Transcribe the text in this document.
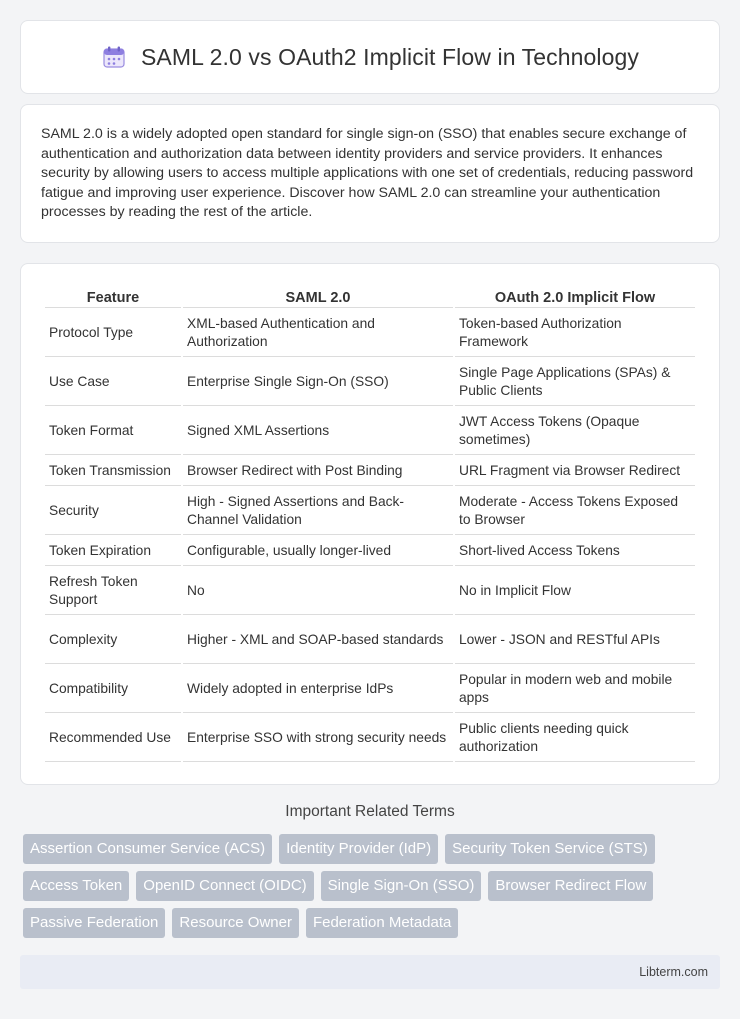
SAML 2.0 vs OAuth2 Implicit Flow in Technology

SAML 2.0 is a widely adopted open standard for single sign-on (SSO) that enables secure exchange of authentication and authorization data between identity providers and service providers. It enhances security by allowing users to access multiple applications with one set of credentials, reducing password fatigue and improving user experience. Discover how SAML 2.0 can streamline your authentication processes by reading the rest of the article.

Feature	SAML 2.0	OAuth 2.0 Implicit Flow
Protocol Type	XML-based Authentication and Authorization	Token-based Authorization Framework
Use Case	Enterprise Single Sign-On (SSO)	Single Page Applications (SPAs) & Public Clients
Token Format	Signed XML Assertions	JWT Access Tokens (Opaque sometimes)
Token Transmission	Browser Redirect with Post Binding	URL Fragment via Browser Redirect
Security	High - Signed Assertions and Back-Channel Validation	Moderate - Access Tokens Exposed to Browser
Token Expiration	Configurable, usually longer-lived	Short-lived Access Tokens
Refresh Token Support	No	No in Implicit Flow
Complexity	Higher - XML and SOAP-based standards	Lower - JSON and RESTful APIs
Compatibility	Widely adopted in enterprise IdPs	Popular in modern web and mobile apps
Recommended Use	Enterprise SSO with strong security needs	Public clients needing quick authorization
Important Related Terms
Assertion Consumer Service (ACS)	Identity Provider (IdP)	Security Token Service (STS)
Access Token	OpenID Connect (OIDC)	Single Sign-On (SSO)	Browser Redirect Flow
Passive Federation	Resource Owner	Federation Metadata
Libterm.com
